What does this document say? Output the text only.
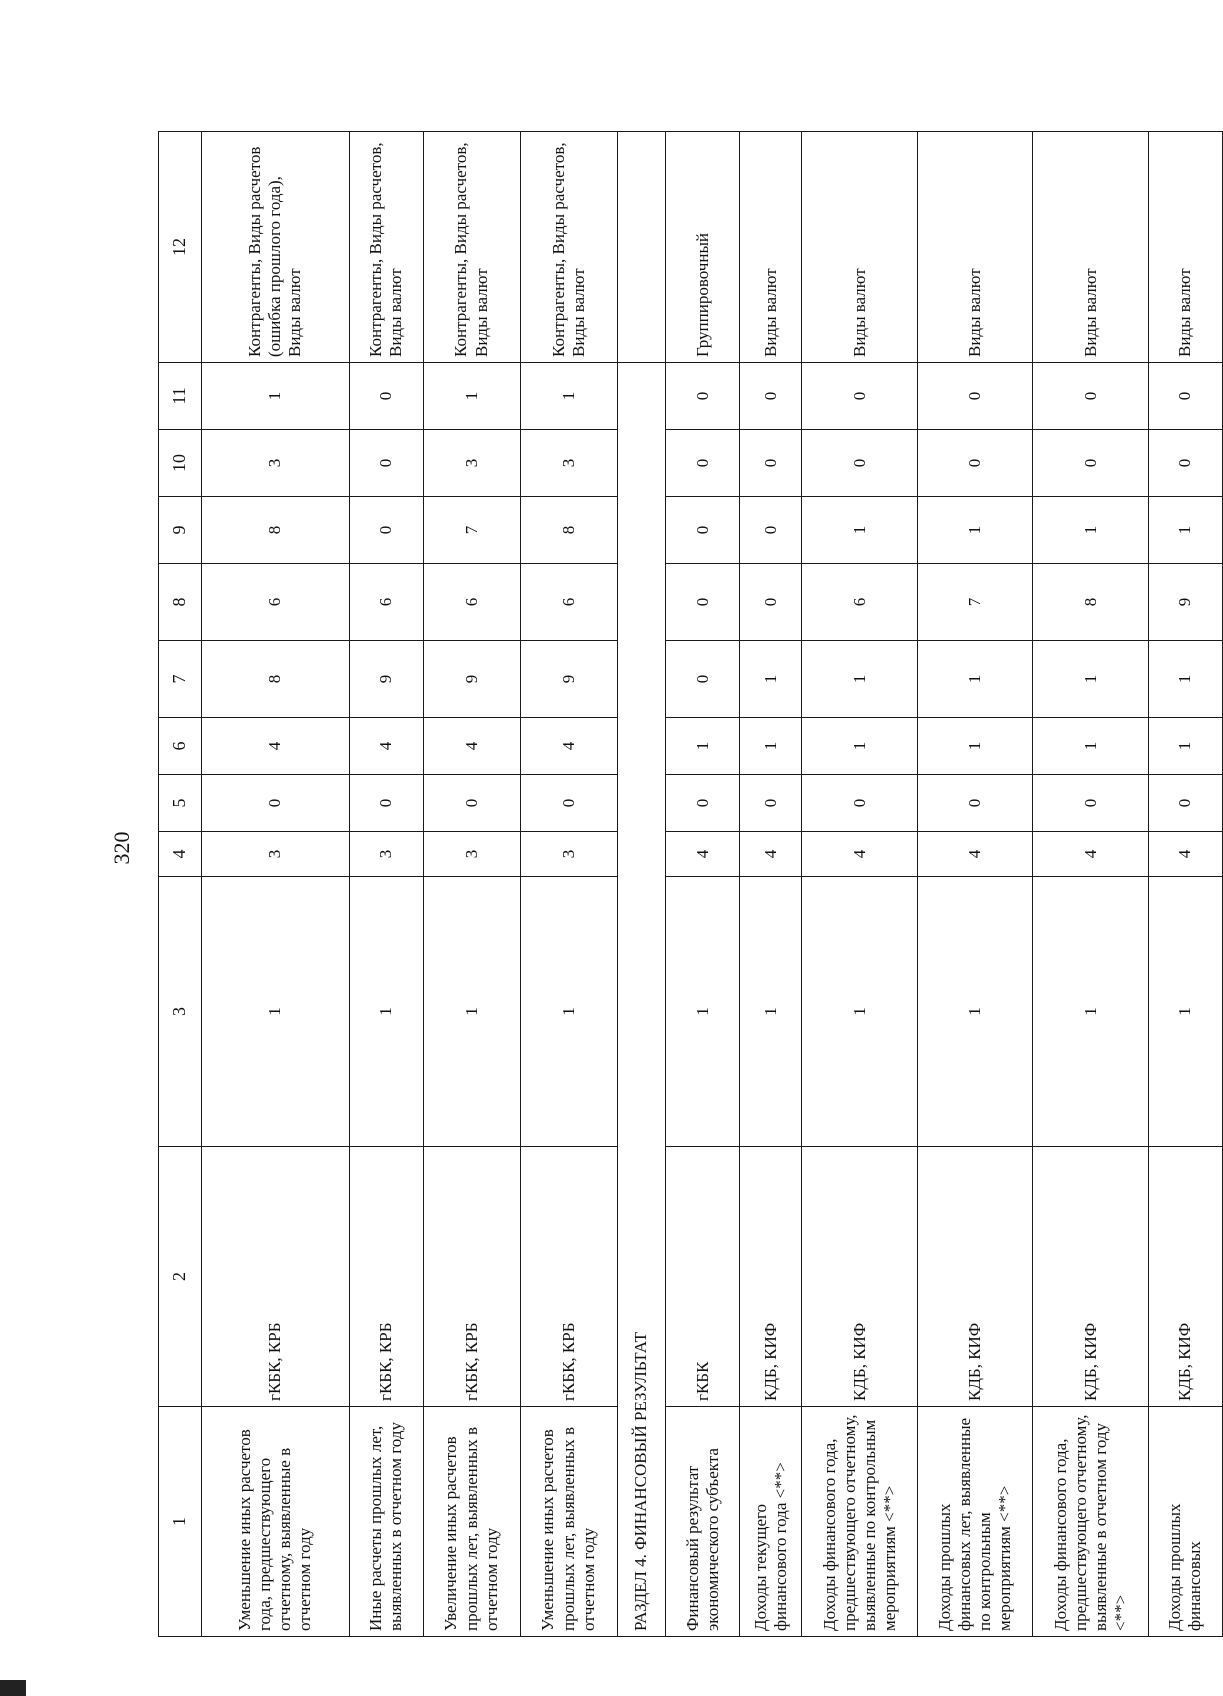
320
1	2	3	4	5	6	7	8	9	10	11	12
Уменьшение иных расчетов года, предшествующего отчетному, выявленные в отчетном году	гКБК, КРБ	1	3	0	4	8	6	8	3	1	Контрагенты, Виды расчетов (ошибка прошлого года), Виды валют
Иные расчеты прошлых лет, выявленных в отчетном году	гКБК, КРБ	1	3	0	4	9	6	0	0	0	Контрагенты, Виды расчетов, Виды валют
Увеличение иных расчетов прошлых лет, выявленных в отчетном году	гКБК, КРБ	1	3	0	4	9	6	7	3	1	Контрагенты, Виды расчетов, Виды валют
Уменьшение иных расчетов прошлых лет, выявленных в отчетном году	гКБК, КРБ	1	3	0	4	9	6	8	3	1	Контрагенты, Виды расчетов, Виды валют
РАЗДЕЛ 4. ФИНАНСОВЫЙ РЕЗУЛЬТАТ											
Финансовый результат экономического субъекта	гКБК	1	4	0	1	0	0	0	0	0	Группировочный
Доходы текущего финансового года <**>	КДБ, КИФ	1	4	0	1	1	0	0	0	0	Виды валют
Доходы финансового года, предшествующего отчетному, выявленные по контрольным мероприятиям <**>	КДБ, КИФ	1	4	0	1	1	6	1	0	0	Виды валют
Доходы прошлых финансовых лет, выявленные по контрольным мероприятиям <**>	КДБ, КИФ	1	4	0	1	1	7	1	0	0	Виды валют
Доходы финансового года, предшествующего отчетному, выявленные в отчетном году <**>	КДБ, КИФ	1	4	0	1	1	8	1	0	0	Виды валют
Доходы прошлых финансовых	КДБ, КИФ	1	4	0	1	1	9	1	0	0	Виды валют
